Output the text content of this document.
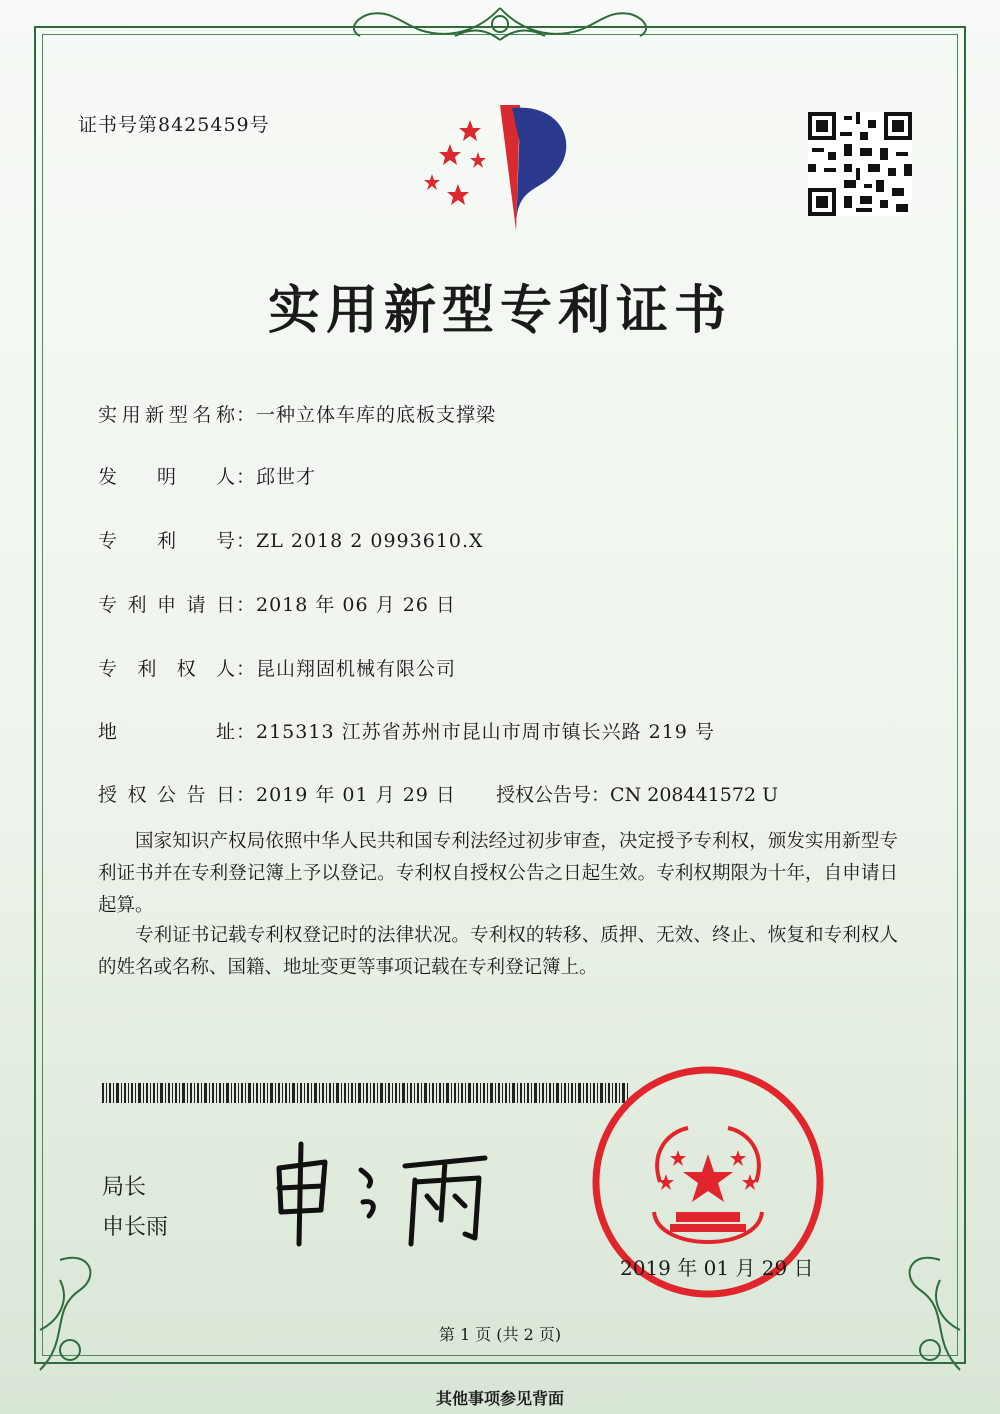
证书号第8425459号
实用新型专利证书
实用新型名称：一种立体车库的底板支撑梁
发明人：邱世才
专利号：ZL 2018 2 0993610.X
专利申请日：2018 年 06 月 26 日
专利权人：昆山翔固机械有限公司
地址：215313 江苏省苏州市昆山市周市镇长兴路 219 号
授权公告日：2019 年 01 月 29 日 授权公告号：CN 208441572 U
国家知识产权局依照中华人民共和国专利法经过初步审查，决定授予专利权，颁发实用新型专利证书并在专利登记簿上予以登记。专利权自授权公告之日起生效。专利权期限为十年，自申请日起算。
专利证书记载专利权登记时的法律状况。专利权的转移、质押、无效、终止、恢复和专利权人的姓名或名称、国籍、地址变更等事项记载在专利登记簿上。
局长
申长雨
2019 年 01 月 29 日
第 1 页 (共 2 页)
其他事项参见背面
